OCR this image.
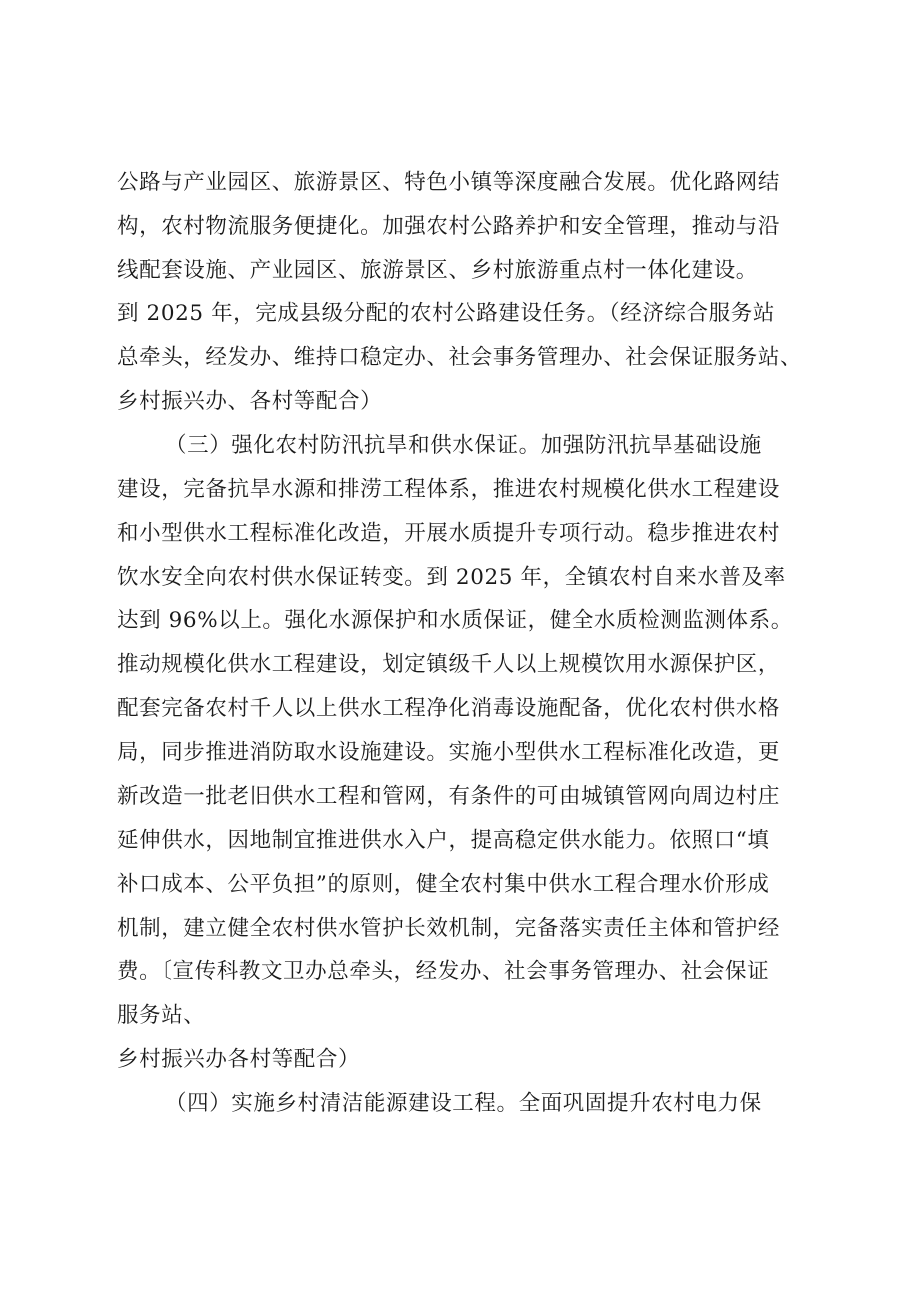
公路与产业园区、旅游景区、特色小镇等深度融合发展。优化路网结
构，农村物流服务便捷化。加强农村公路养护和安全管理，推动与沿
线配套设施、产业园区、旅游景区、乡村旅游重点村一体化建设。
到 2025 年，完成县级分配的农村公路建设任务。（经济综合服务站
总牵头，经发办、维持口稳定办、社会事务管理办、社会保证服务站、
乡村振兴办、各村等配合）
（三）强化农村防汛抗旱和供水保证。加强防汛抗旱基础设施
建设，完备抗旱水源和排涝工程体系，推进农村规模化供水工程建设
和小型供水工程标准化改造，开展水质提升专项行动。稳步推进农村
饮水安全向农村供水保证转变。到 2025 年，全镇农村自来水普及率
达到 96%以上。强化水源保护和水质保证，健全水质检测监测体系。
推动规模化供水工程建设，划定镇级千人以上规模饮用水源保护区，
配套完备农村千人以上供水工程净化消毒设施配备，优化农村供水格
局，同步推进消防取水设施建设。实施小型供水工程标准化改造，更
新改造一批老旧供水工程和管网，有条件的可由城镇管网向周边村庄
延伸供水，因地制宜推进供水入户，提高稳定供水能力。依照口“填
补口成本、公平负担”的原则，健全农村集中供水工程合理水价形成
机制，建立健全农村供水管护长效机制，完备落实责任主体和管护经
费。〔宣传科教文卫办总牵头，经发办、社会事务管理办、社会保证
服务站、
乡村振兴办各村等配合）
（四）实施乡村清洁能源建设工程。全面巩固提升农村电力保
